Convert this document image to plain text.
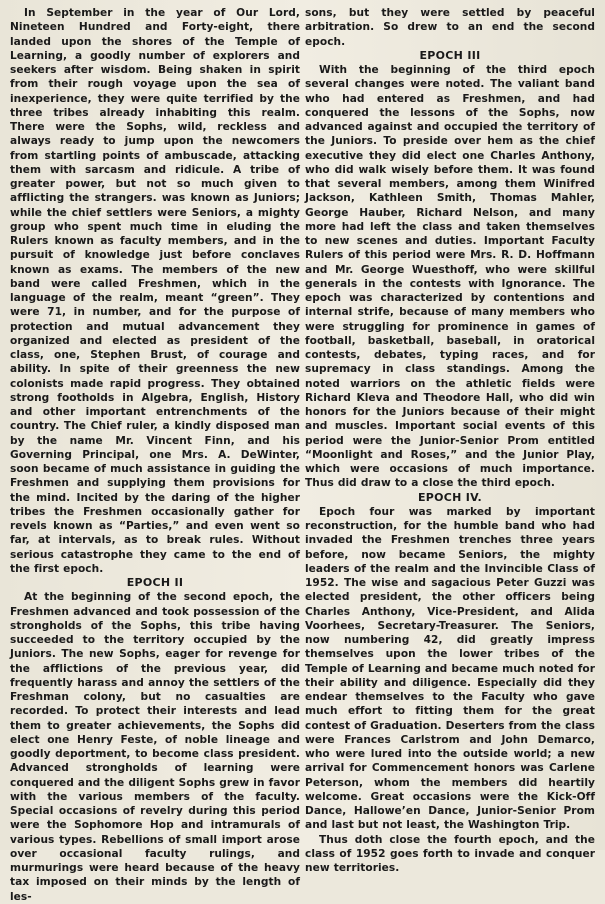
In September in the year of Our Lord, Nineteen Hundred and Forty-eight, there landed upon the shores of the Temple of Learning, a goodly number of explorers and seekers after wisdom. Being shaken in spirit from their rough voyage upon the sea of inexperience, they were quite terrified by the three tribes already inhabiting this realm. There were the Sophs, wild, reckless and always ready to jump upon the newcomers from startling points of ambuscade, attacking them with sarcasm and ridicule. A tribe of greater power, but not so much given to afflicting the strangers. was known as Juniors; while the chief settlers were Seniors, a mighty group who spent much time in eluding the Rulers known as faculty members, and in the pursuit of knowledge just before conclaves known as exams. The members of the new band were called Freshmen, which in the language of the realm, meant “green”. They were 71, in number, and for the purpose of protection and mutual advancement they organized and elected as president of the class, one, Stephen Brust, of courage and ability. In spite of their greenness the new colonists made rapid progress. They obtained strong footholds in Algebra, English, History and other important entrenchments of the country. The Chief ruler, a kindly disposed man by the name Mr. Vincent Finn, and his Governing Principal, one Mrs. A. DeWinter, soon became of much assistance in guiding the Freshmen and supplying them provisions for the mind. Incited by the daring of the higher tribes the Freshmen occasionally gather for revels known as “Parties,” and even went so far, at intervals, as to break rules. Without serious catastrophe they came to the end of the first epoch.

EPOCH II

At the beginning of the second epoch, the Freshmen advanced and took possession of the strongholds of the Sophs, this tribe having succeeded to the territory occupied by the Juniors. The new Sophs, eager for revenge for the afflictions of the previous year, did frequently harass and annoy the settlers of the Freshman colony, but no casualties are recorded. To protect their interests and lead them to greater achievements, the Sophs did elect one Henry Feste, of noble lineage and goodly deportment, to become class president. Advanced strongholds of learning were conquered and the diligent Sophs grew in favor with the various members of the faculty. Special occasions of revelry during this period were the Sophomore Hop and intramurals of various types. Rebellions of small import arose over occasional faculty rulings, and murmurings were heard because of the heavy tax imposed on their minds by the length of les-

sons, but they were settled by peaceful arbitration. So drew to an end the second epoch.

EPOCH III

With the beginning of the third epoch several changes were noted. The valiant band who had entered as Freshmen, and had conquered the lessons of the Sophs, now advanced against and occupied the territory of the Juniors. To preside over hem as the chief executive they did elect one Charles Anthony, who did walk wisely before them. It was found that several members, among them Winifred Jackson, Kathleen Smith, Thomas Mahler, George Hauber, Richard Nelson, and many more had left the class and taken themselves to new scenes and duties. Important Faculty Rulers of this period were Mrs. R. D. Hoffmann and Mr. George Wuesthoff, who were skillful generals in the contests with Ignorance. The epoch was characterized by contentions and internal strife, because of many members who were struggling for prominence in games of football, basketball, baseball, in oratorical contests, debates, typing races, and for supremacy in class standings. Among the noted warriors on the athletic fields were Richard Kleva and Theodore Hall, who did win honors for the Juniors because of their might and muscles. Important social events of this period were the Junior-Senior Prom entitled “Moonlight and Roses,” and the Junior Play, which were occasions of much importance. Thus did draw to a close the third epoch.

EPOCH IV.

Epoch four was marked by important reconstruction, for the humble band who had invaded the Freshmen trenches three years before, now became Seniors, the mighty leaders of the realm and the Invincible Class of 1952. The wise and sagacious Peter Guzzi was elected president, the other officers being Charles Anthony, Vice-President, and Alida Voorhees, Secretary-Treasurer. The Seniors, now numbering 42, did greatly impress themselves upon the lower tribes of the Temple of Learning and became much noted for their ability and diligence. Especially did they endear themselves to the Faculty who gave much effort to fitting them for the great contest of Graduation. Deserters from the class were Frances Carlstrom and John Demarco, who were lured into the outside world; a new arrival for Commencement honors was Carlene Peterson, whom the members did heartily welcome. Great occasions were the Kick-Off Dance, Hallowe’en Dance, Junior-Senior Prom and last but not least, the Washington Trip.

Thus doth close the fourth epoch, and the class of 1952 goes forth to invade and conquer new territories.
